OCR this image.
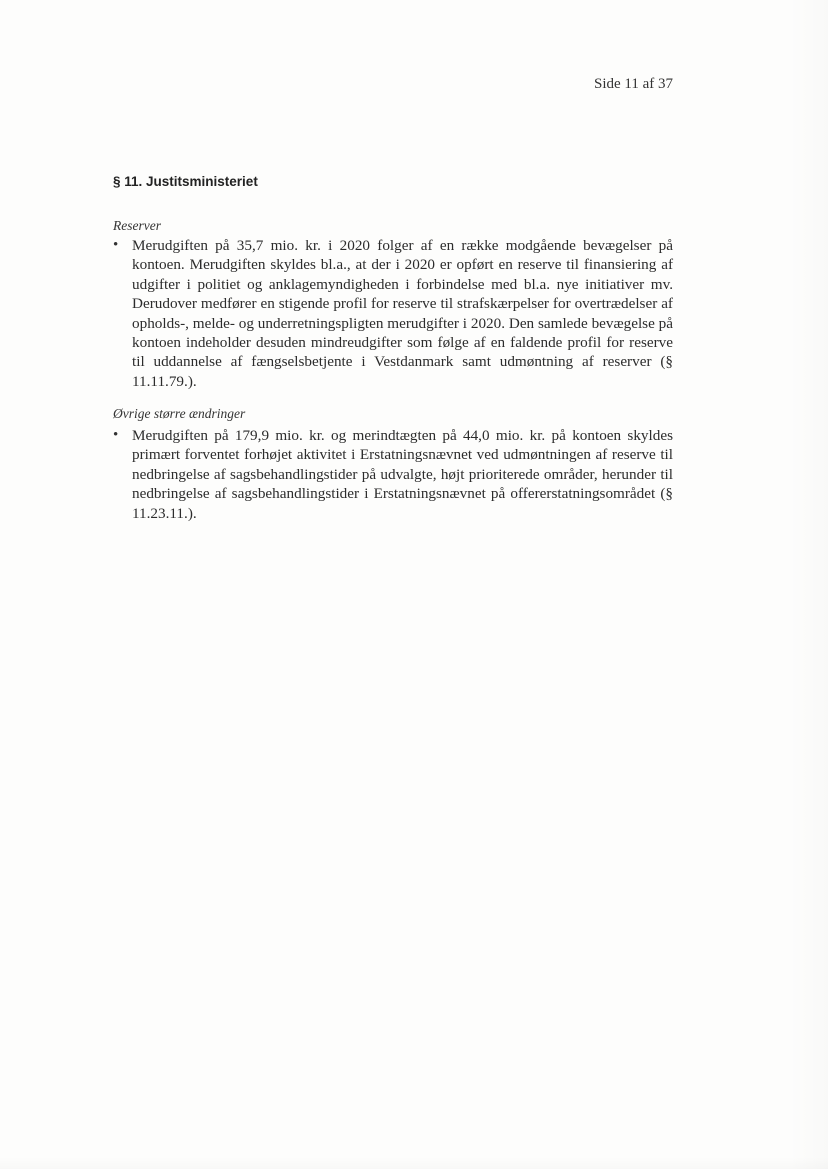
Side 11 af 37
§ 11. Justitsministeriet
Reserver
• Merudgiften på 35,7 mio. kr. i 2020 folger af en række modgående bevægelser på kontoen. Merudgiften skyldes bl.a., at der i 2020 er opført en reserve til finansiering af udgifter i politiet og anklagemyndigheden i forbindelse med bl.a. nye initiativer mv. Derudover medfører en stigende profil for reserve til strafskærpelser for overtrædelser af opholds-, melde- og underretningspligten merudgifter i 2020. Den samlede bevægelse på kontoen indeholder desuden mindreudgifter som følge af en faldende profil for reserve til uddannelse af fængselsbetjente i Vestdanmark samt udmøntning af reserver (§ 11.11.79.).

Øvrige større ændringer
• Merudgiften på 179,9 mio. kr. og merindtægten på 44,0 mio. kr. på kontoen skyldes primært forventet forhøjet aktivitet i Erstatningsnævnet ved udmøntningen af reserve til nedbringelse af sagsbehandlingstider på udvalgte, højt prioriterede områder, herunder til nedbringelse af sagsbehandlingstider i Erstatningsnævnet på offererstatningsområdet (§ 11.23.11.).
